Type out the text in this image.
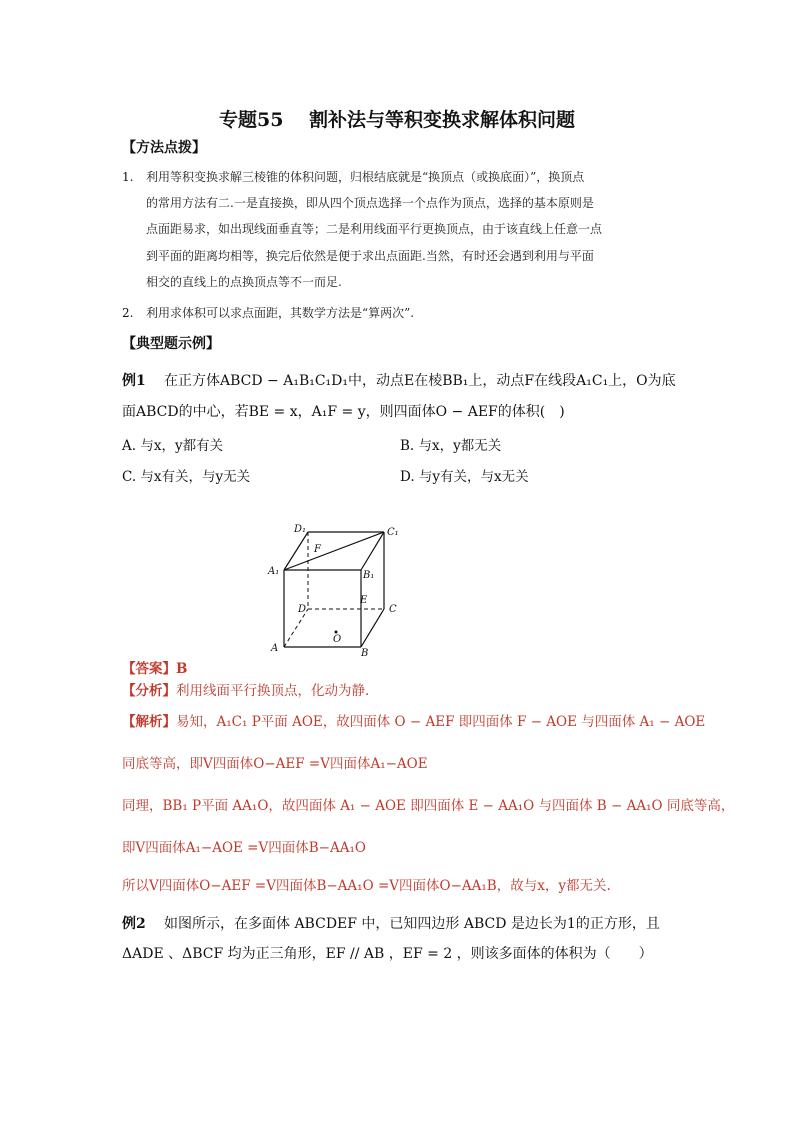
专题55　 割补法与等积变换求解体积问题
【方法点拨】
1. 利用等积变换求解三棱锥的体积问题，归根结底就是“换顶点（或换底面）”，换顶点
的常用方法有二.一是直接换，即从四个顶点选择一个点作为顶点，选择的基本原则是
点面距易求，如出现线面垂直等；二是利用线面平行更换顶点，由于该直线上任意一点
到平面的距离均相等，换完后依然是便于求出点面距.当然，有时还会遇到利用与平面
相交的直线上的点换顶点等不一而足.
2. 利用求体积可以求点面距，其数学方法是“算两次”.
【典型题示例】
例1 在正方体ABCD − A₁B₁C₁D₁中，动点E在棱BB₁上，动点F在线段A₁C₁上，O为底
面ABCD的中心，若BE = x，A₁F = y，则四面体O − AEF的体积(　)
A. 与x，y都有关	B. 与x，y都无关
C. 与x有关，与y无关	D. 与y有关，与x无关
D₁	C₁
A₁	B₁
F
E
D	C
A	B
O
【答案】B
【分析】利用线面平行换顶点，化动为静.
【解析】易知，A₁C₁ P平面 AOE，故四面体 O − AEF 即四面体 F − AOE 与四面体 A₁ − AOE
同底等高，即V四面体O−AEF =V四面体A₁−AOE
同理，BB₁ P平面 AA₁O，故四面体 A₁ − AOE 即四面体 E − AA₁O 与四面体 B − AA₁O 同底等高，
即V四面体A₁−AOE =V四面体B−AA₁O
所以V四面体O−AEF =V四面体B−AA₁O =V四面体O−AA₁B，故与x，y都无关.
例2 如图所示，在多面体 ABCDEF 中，已知四边形 ABCD 是边长为1的正方形，且
ΔADE 、ΔBCF 均为正三角形，EF // AB ，EF = 2 ，则该多面体的体积为（　　）
